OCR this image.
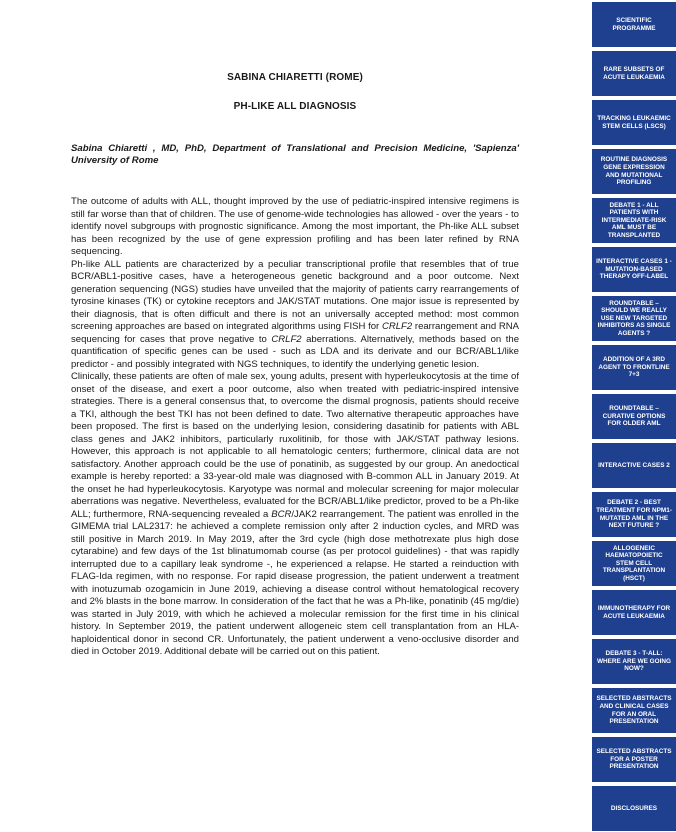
SABINA CHIARETTI (ROME)
PH-LIKE ALL DIAGNOSIS
Sabina Chiaretti , MD, PhD, Department of Translational and Precision Medicine, 'Sapienza' University of Rome

The outcome of adults with ALL, thought improved by the use of pediatric-inspired intensive regimens is still far worse than that of children. The use of genome-wide technologies has allowed - over the years - to identify novel subgroups with prognostic significance. Among the most important, the Ph-like ALL subset has been recognized by the use of gene expression profiling and has been later refined by RNA sequencing.

Ph-like ALL patients are characterized by a peculiar transcriptional profile that resembles that of true BCR/ABL1-positive cases, have a heterogeneous genetic background and a poor outcome. Next generation sequencing (NGS) studies have unveiled that the majority of patients carry rearrangements of tyrosine kinases (TK) or cytokine receptors and JAK/STAT mutations. One major issue is represented by their diagnosis, that is often difficult and there is not an universally accepted method: most common screening approaches are based on integrated algorithms using FISH for CRLF2 rearrangement and RNA sequencing for cases that prove negative to CRLF2 aberrations. Alternatively, methods based on the quantification of specific genes can be used - such as LDA and its derivate and our BCR/ABL1/like predictor - and possibly integrated with NGS techniques, to identify the underlying genetic lesion.

Clinically, these patients are often of male sex, young adults, present with hyperleukocytosis at the time of onset of the disease, and exert a poor outcome, also when treated with pediatric-inspired intensive strategies. There is a general consensus that, to overcome the dismal prognosis, patients should receive a TKI, although the best TKI has not been defined to date. Two alternative therapeutic approaches have been proposed. The first is based on the underlying lesion, considering dasatinib for patients with ABL class genes and JAK2 inhibitors, particularly ruxolitinib, for those with JAK/STAT pathway lesions. However, this approach is not applicable to all hematologic centers; furthermore, clinical data are not satisfactory. Another approach could be the use of ponatinib, as suggested by our group. An anedoctical example is hereby reported: a 33-year-old male was diagnosed with B-common ALL in January 2019. At the onset he had hyperleukocytosis. Karyotype was normal and molecular screening for major molecular aberrations was negative. Nevertheless, evaluated for the BCR/ABL1/like predictor, proved to be a Ph-like ALL; furthermore, RNA-sequencing revealed a BCR/JAK2 rearrangement. The patient was enrolled in the GIMEMA trial LAL2317: he achieved a complete remission only after 2 induction cycles, and MRD was still positive in March 2019. In May 2019, after the 3rd cycle (high dose methotrexate plus high dose cytarabine) and few days of the 1st blinatumomab course (as per protocol guidelines) - that was rapidly interrupted due to a capillary leak syndrome -, he experienced a relapse. He started a reinduction with FLAG-Ida regimen, with no response. For rapid disease progression, the patient underwent a treatment with inotuzumab ozogamicin in June 2019, achieving a disease control without hematological recovery and 2% blasts in the bone marrow. In consideration of the fact that he was a Ph-like, ponatinib (45 mg/die) was started in July 2019, with which he achieved a molecular remission for the first time in his clinical history. In September 2019, the patient underwent allogeneic stem cell transplantation from an HLA- haploidentical donor in second CR. Unfortunately, the patient underwent a veno-occlusive disorder and died in October 2019. Additional debate will be carried out on this patient.

SCIENTIFIC PROGRAMME
RARE SUBSETS OF ACUTE LEUKAEMIA
TRACKING LEUKAEMIC STEM CELLS (LSCS)
ROUTINE DIAGNOSIS GENE EXPRESSION AND MUTATIONAL PROFILING
DEBATE 1 - ALL PATIENTS WITH INTERMEDIATE-RISK AML MUST BE TRANSPLANTED
INTERACTIVE CASES 1 - MUTATION-BASED THERAPY OFF-LABEL
ROUNDTABLE – SHOULD WE REALLY USE NEW TARGETED INHIBITORS AS SINGLE AGENTS ?
ADDITION OF A 3RD AGENT TO FRONTLINE 7+3
ROUNDTABLE – CURATIVE OPTIONS FOR OLDER AML
INTERACTIVE CASES 2
DEBATE 2 - BEST TREATMENT FOR NPM1-MUTATED AML IN THE NEXT FUTURE ?
ALLOGENEIC HAEMATOPOIETIC STEM CELL TRANSPLANTATION (HSCT)
IMMUNOTHERAPY FOR ACUTE LEUKAEMIA
DEBATE 3 - T-ALL: WHERE ARE WE GOING NOW?
SELECTED ABSTRACTS AND CLINICAL CASES FOR AN ORAL PRESENTATION
SELECTED ABSTRACTS FOR A POSTER PRESENTATION
DISCLOSURES
